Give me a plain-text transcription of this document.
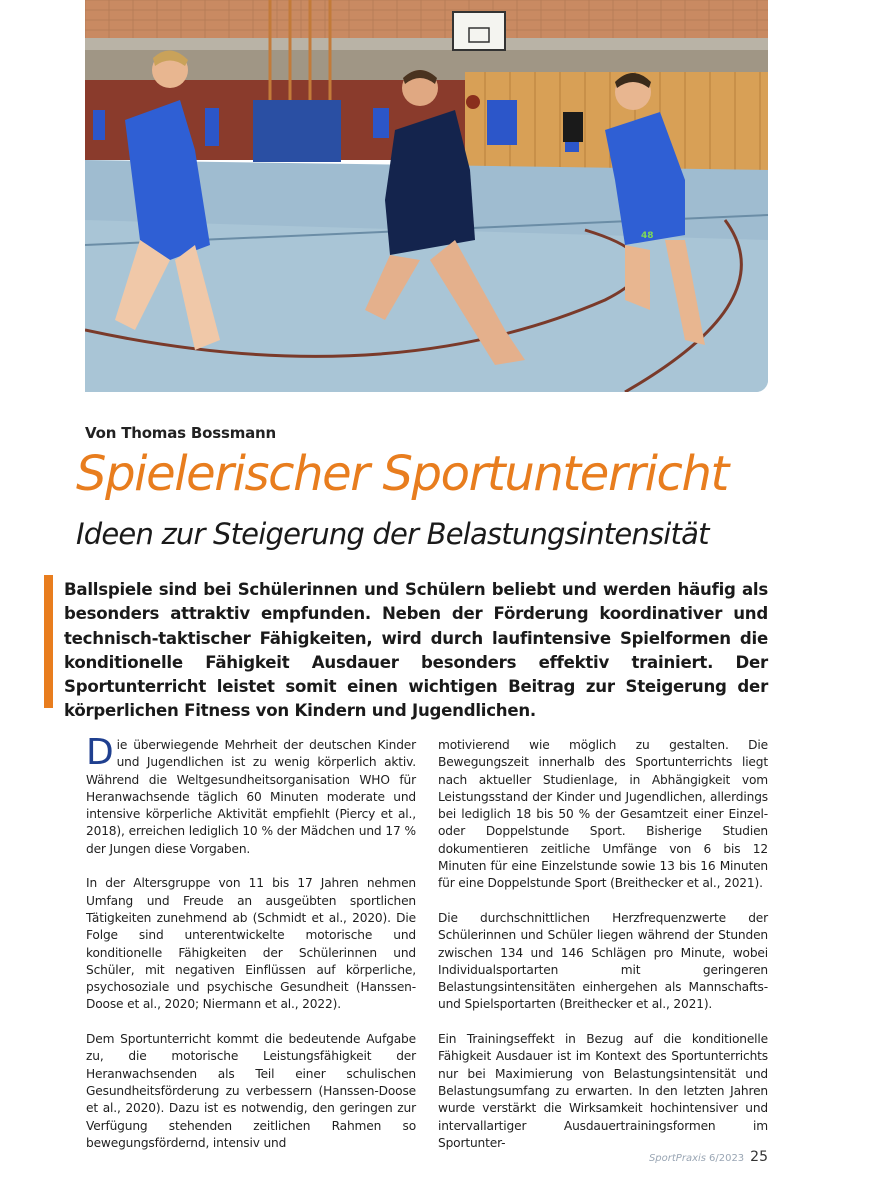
48
Von Thomas Bossmann
Spielerischer Sportunterricht
Ideen zur Steigerung der Belastungsintensität
Ballspiele sind bei Schülerinnen und Schülern beliebt und werden häufig als besonders attraktiv empfunden. Neben der Förderung koordinativer und technisch-taktischer Fähigkeiten, wird durch laufintensive Spielformen die konditionelle Fähigkeit Ausdauer besonders effektiv trainiert. Der Sportunterricht leistet somit einen wichtigen Beitrag zur Steigerung der körperlichen Fitness von Kindern und Jugendlichen.

Die überwiegende Mehrheit der deutschen Kinder und Jugendlichen ist zu wenig körperlich aktiv. Während die Weltgesundheitsorganisation WHO für Heranwachsende täglich 60 Minuten moderate und intensive körperliche Aktivität empfiehlt (Piercy et al., 2018), erreichen lediglich 10 % der Mädchen und 17 % der Jungen diese Vorgaben.

In der Altersgruppe von 11 bis 17 Jahren nehmen Umfang und Freude an ausgeübten sportlichen Tätigkeiten zunehmend ab (Schmidt et al., 2020). Die Folge sind unterentwickelte motorische und konditionelle Fähigkeiten der Schülerinnen und Schüler, mit negativen Einflüssen auf körperliche, psychosoziale und psychische Gesundheit (Hanssen-Doose et al., 2020; Niermann et al., 2022).

Dem Sportunterricht kommt die bedeutende Aufgabe zu, die motorische Leistungsfähigkeit der Heranwachsenden als Teil einer schulischen Gesundheitsförderung zu verbessern (Hanssen-Doose et al., 2020). Dazu ist es notwendig, den geringen zur Verfügung stehenden zeitlichen Rahmen so bewegungsfördernd, intensiv und

motivierend wie möglich zu gestalten. Die Bewegungszeit innerhalb des Sportunterrichts liegt nach aktueller Studienlage, in Abhängigkeit vom Leistungsstand der Kinder und Jugendlichen, allerdings bei lediglich 18 bis 50 % der Gesamtzeit einer Einzel- oder Doppelstunde Sport. Bisherige Studien dokumentieren zeitliche Umfänge von 6 bis 12 Minuten für eine Einzelstunde sowie 13 bis 16 Minuten für eine Doppelstunde Sport (Breithecker et al., 2021).

Die durchschnittlichen Herzfrequenzwerte der Schülerinnen und Schüler liegen während der Stunden zwischen 134 und 146 Schlägen pro Minute, wobei Individualsportarten mit geringeren Belastungsintensitäten einhergehen als Mannschafts- und Spielsportarten (Breithecker et al., 2021).

Ein Trainingseffekt in Bezug auf die konditionelle Fähigkeit Ausdauer ist im Kontext des Sportunterrichts nur bei Maximierung von Belastungsintensität und Belastungsumfang zu erwarten. In den letzten Jahren wurde verstärkt die Wirksamkeit hochintensiver und intervallartiger Ausdauertrainingsformen im Sportunter-

SportPraxis 6/2023 25
